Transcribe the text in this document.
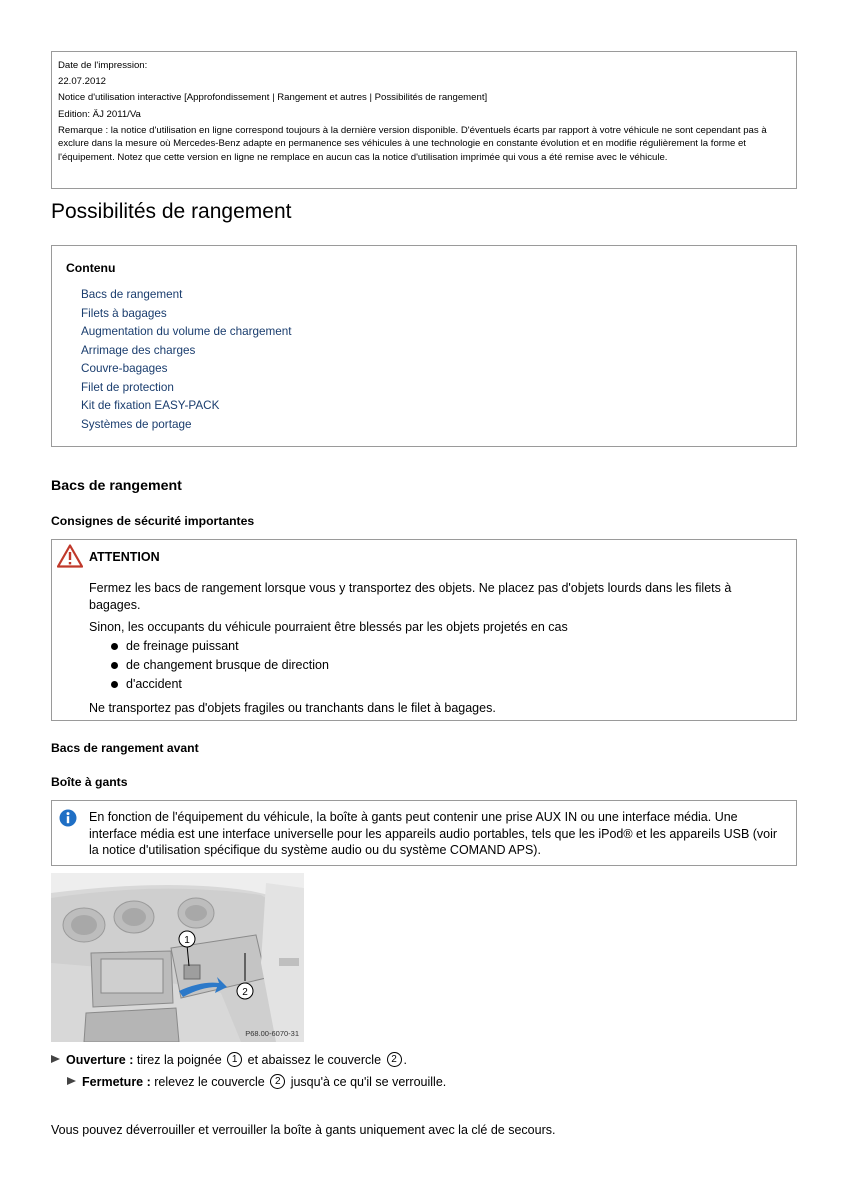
Date de l'impression:
22.07.2012
Notice d'utilisation interactive [Approfondissement | Rangement et autres | Possibilités de rangement]
Edition: ÄJ 2011/Va
Remarque : la notice d'utilisation en ligne correspond toujours à la dernière version disponible. D'éventuels écarts par rapport à votre véhicule ne sont cependant pas à exclure dans la mesure où Mercedes-Benz adapte en permanence ses véhicules à une technologie en constante évolution et en modifie régulièrement la forme et l'équipement. Notez que cette version en ligne ne remplace en aucun cas la notice d'utilisation imprimée qui vous a été remise avec le véhicule.
Possibilités de rangement
Contenu
Bacs de rangement
Filets à bagages
Augmentation du volume de chargement
Arrimage des charges
Couvre-bagages
Filet de protection
Kit de fixation EASY-PACK
Systèmes de portage
Bacs de rangement
Consignes de sécurité importantes
ATTENTION

Fermez les bacs de rangement lorsque vous y transportez des objets. Ne placez pas d'objets lourds dans les filets à bagages.

Sinon, les occupants du véhicule pourraient être blessés par les objets projetés en cas

de freinage puissant
de changement brusque de direction
d'accident

Ne transportez pas d'objets fragiles ou tranchants dans le filet à bagages.

Bacs de rangement avant
Boîte à gants
En fonction de l'équipement du véhicule, la boîte à gants peut contenir une prise AUX IN ou une interface média. Une interface média est une interface universelle pour les appareils audio portables, tels que les iPod® et les appareils USB (voir la notice d'utilisation spécifique du système audio ou du système COMAND APS).
1
2
P68.00-6070-31
Ouverture : tirez la poignée 1 et abaissez le couvercle 2 .
Fermeture : relevez le couvercle 2 jusqu'à ce qu'il se verrouille.

Vous pouvez déverrouiller et verrouiller la boîte à gants uniquement avec la clé de secours.
